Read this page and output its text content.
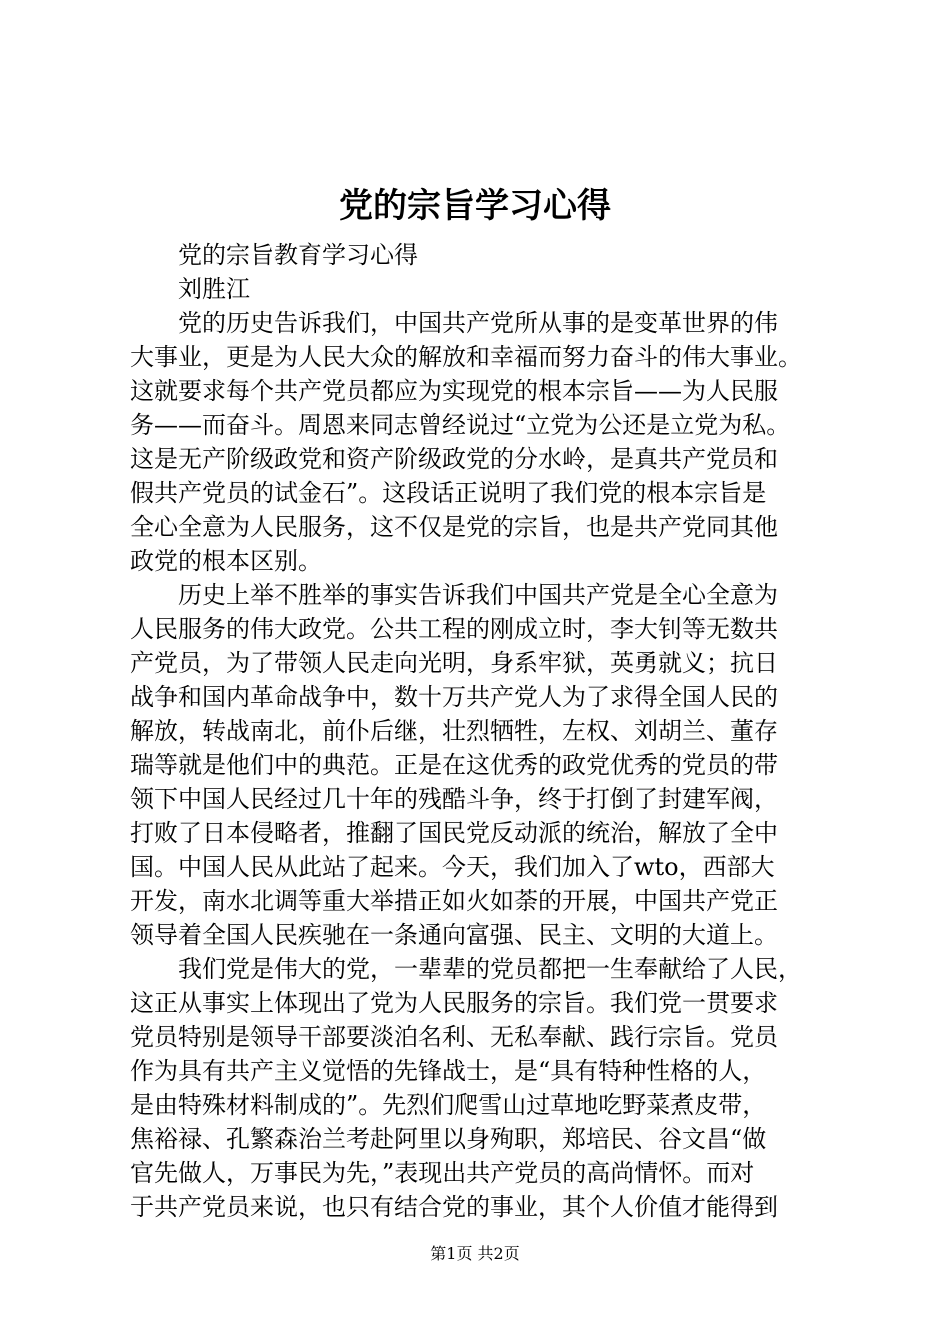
党的宗旨学习心得
党的宗旨教育学习心得
刘胜江
党的历史告诉我们，中国共产党所从事的是变革世界的伟
大事业，更是为人民大众的解放和幸福而努力奋斗的伟大事业。
这就要求每个共产党员都应为实现党的根本宗旨——为人民服
务——而奋斗。周恩来同志曾经说过“立党为公还是立党为私。
这是无产阶级政党和资产阶级政党的分水岭，是真共产党员和
假共产党员的试金石”。这段话正说明了我们党的根本宗旨是
全心全意为人民服务，这不仅是党的宗旨，也是共产党同其他
政党的根本区别。
历史上举不胜举的事实告诉我们中国共产党是全心全意为
人民服务的伟大政党。公共工程的刚成立时，李大钊等无数共
产党员，为了带领人民走向光明，身系牢狱，英勇就义；抗日
战争和国内革命战争中，数十万共产党人为了求得全国人民的
解放，转战南北，前仆后继，壮烈牺牲，左权、刘胡兰、董存
瑞等就是他们中的典范。正是在这优秀的政党优秀的党员的带
领下中国人民经过几十年的残酷斗争，终于打倒了封建军阀，
打败了日本侵略者，推翻了国民党反动派的统治，解放了全中
国。中国人民从此站了起来。今天，我们加入了wto，西部大
开发，南水北调等重大举措正如火如荼的开展，中国共产党正
领导着全国人民疾驰在一条通向富强、民主、文明的大道上。
我们党是伟大的党，一辈辈的党员都把一生奉献给了人民，
这正从事实上体现出了党为人民服务的宗旨。我们党一贯要求
党员特别是领导干部要淡泊名利、无私奉献、践行宗旨。党员
作为具有共产主义觉悟的先锋战士，是“具有特种性格的人，
是由特殊材料制成的”。先烈们爬雪山过草地吃野菜煮皮带，
焦裕禄、孔繁森治兰考赴阿里以身殉职，郑培民、谷文昌“做
官先做人，万事民为先，”表现出共产党员的高尚情怀。而对
于共产党员来说，也只有结合党的事业，其个人价值才能得到
第1页 共2页
